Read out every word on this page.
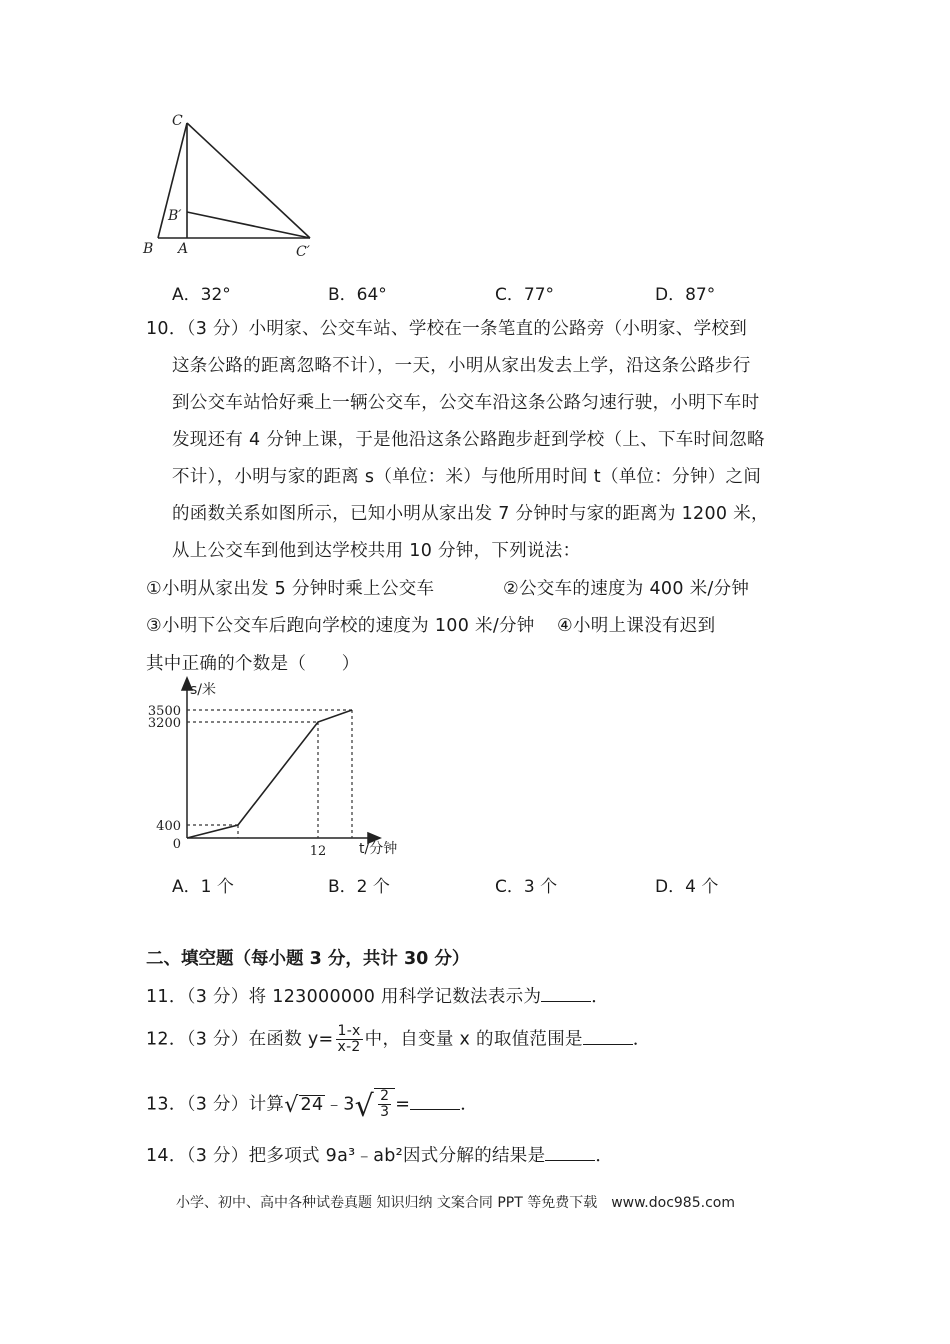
C
B′
B A	C′
A．32°	B．64°	C．77°	D．87°
10．（3 分）小明家、公交车站、学校在一条笔直的公路旁（小明家、学校到
这条公路的距离忽略不计），一天，小明从家出发去上学，沿这条公路步行
到公交车站恰好乘上一辆公交车，公交车沿这条公路匀速行驶，小明下车时
发现还有 4 分钟上课，于是他沿这条公路跑步赶到学校（上、下车时间忽略
不计），小明与家的距离 s（单位：米）与他所用时间 t（单位：分钟）之间
的函数关系如图所示，已知小明从家出发 7 分钟时与家的距离为 1200 米，
从上公交车到他到达学校共用 10 分钟，下列说法：
①小明从家出发 5 分钟时乘上公交车	②公交车的速度为 400 米/分钟
③小明下公交车后跑向学校的速度为 100 米/分钟 ④小明上课没有迟到
其中正确的个数是（　　）
s/米
t/分钟
3500
3200
400
0	12
A．1 个	B．2 个	C．3 个	D．4 个
二、填空题（每小题 3 分，共计 30 分）
11．（3 分）将 123000000 用科学记数法表示为	．
12．（3 分）在函数 $y= \frac{1-x}{x-2}$ 中，自变量 x 的取值范围是	．
13．（3 分）计算√ 24 ﹣3√ $\frac{2}{3}$ =	．
14．（3 分）把多项式 9a³﹣ab²因式分解的结果是	．
小学、初中、高中各种试卷真题 知识归纳 文案合同 PPT 等免费下载　www.doc985.com
